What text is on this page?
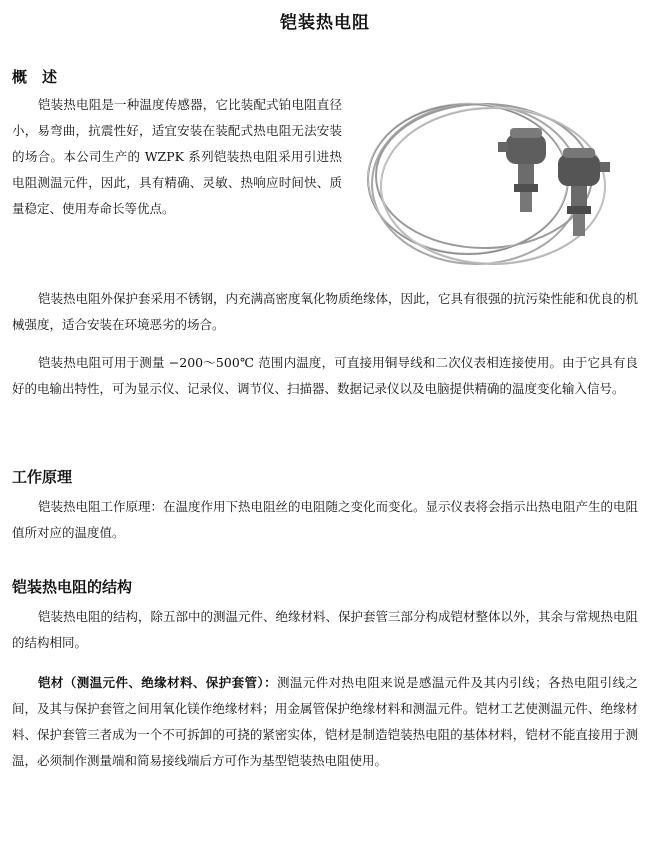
铠装热电阻
概　述

铠装热电阻是一种温度传感器，它比装配式铂电阻直径小，易弯曲，抗震性好，适宜安装在装配式热电阻无法安装的场合。本公司生产的 WZPK 系列铠装热电阻采用引进热电阻测温元件，因此，具有精确、灵敏、热响应时间快、质量稳定、使用寿命长等优点。

铠装热电阻外保护套采用不锈钢，内充满高密度氧化物质绝缘体，因此，它具有很强的抗污染性能和优良的机械强度，适合安装在环境恶劣的场合。

铠装热电阻可用于测量 −200～500℃ 范围内温度，可直接用铜导线和二次仪表相连接使用。由于它具有良好的电输出特性，可为显示仪、记录仪、调节仪、扫描器、数据记录仪以及电脑提供精确的温度变化输入信号。

工作原理

铠装热电阻工作原理：在温度作用下热电阻丝的电阻随之变化而变化。显示仪表将会指示出热电阻产生的电阻值所对应的温度值。

铠装热电阻的结构

铠装热电阻的结构，除五部中的测温元件、绝缘材料、保护套管三部分构成铠材整体以外，其余与常规热电阻的结构相同。

铠材（测温元件、绝缘材料、保护套管）：测温元件对热电阻来说是感温元件及其内引线；各热电阻引线之间，及其与保护套管之间用氧化镁作绝缘材料；用金属管保护绝缘材料和测温元件。铠材工艺使测温元件、绝缘材料、保护套管三者成为一个不可拆卸的可挠的紧密实体，铠材是制造铠装热电阻的基体材料，铠材不能直接用于测温，必须制作测量端和简易接线端后方可作为基型铠装热电阻使用。
